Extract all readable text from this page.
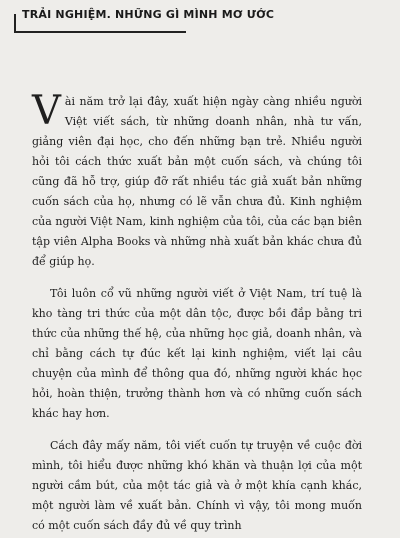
TRẢI NGHIỆM. NHỮNG GÌ MÌNH MƠ ƯỚC

Vài năm trở lại đây, xuất hiện ngày càng nhiều người Việt viết sách, từ những doanh nhân, nhà tư vấn, giảng viên đại học, cho đến những bạn trẻ. Nhiều người hỏi tôi cách thức xuất bản một cuốn sách, và chúng tôi cũng đã hỗ trợ, giúp đỡ rất nhiều tác giả xuất bản những cuốn sách của họ, nhưng có lẽ vẫn chưa đủ. Kinh nghiệm của người Việt Nam, kinh nghiệm của tôi, của các bạn biên tập viên Alpha Books và những nhà xuất bản khác chưa đủ để giúp họ.

Tôi luôn cổ vũ những người viết ở Việt Nam, trí tuệ là kho tàng tri thức của một dân tộc, được bồi đắp bằng tri thức của những thế hệ, của những học giả, doanh nhân, và chỉ bằng cách tự đúc kết lại kinh nghiệm, viết lại câu chuyện của mình để thông qua đó, những người khác học hỏi, hoàn thiện, trưởng thành hơn và có những cuốn sách khác hay hơn.

Cách đây mấy năm, tôi viết cuốn tự truyện về cuộc đời mình, tôi hiểu được những khó khăn và thuận lợi của một người cầm bút, của một tác giả và ở một khía cạnh khác, một người làm về xuất bản. Chính vì vậy, tôi mong muốn có một cuốn sách đầy đủ về quy trình
